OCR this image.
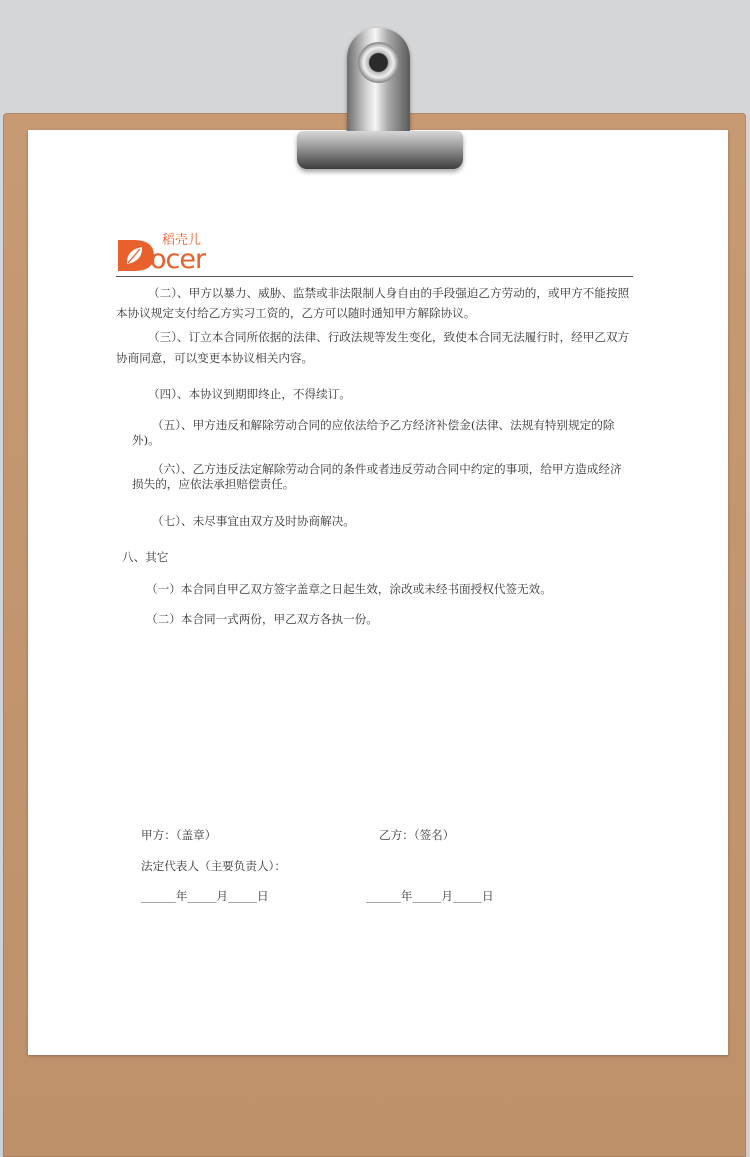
稻壳儿
ocer
（二）、甲方以暴力、威胁、监禁或非法限制人身自由的手段强迫乙方劳动的，或甲方不能按照
本协议规定支付给乙方实习工资的，乙方可以随时通知甲方解除协议。
（三）、订立本合同所依据的法律、行政法规等发生变化，致使本合同无法履行时，经甲乙双方
协商同意，可以变更本协议相关内容。
（四）、本协议到期即终止，不得续订。
（五）、甲方违反和解除劳动合同的应依法给予乙方经济补偿金(法律、法规有特别规定的除
外)。
（六）、乙方违反法定解除劳动合同的条件或者违反劳动合同中约定的事项，给甲方造成经济
损失的，应依法承担赔偿责任。
（七）、未尽事宜由双方及时协商解决。
八、其它
（一）本合同自甲乙双方签字盖章之日起生效，涂改或未经书面授权代签无效。
（二）本合同一式两份，甲乙双方各执一份。
甲方：（盖章）	乙方：（签名）
法定代表人（主要负责人）：
______年_____月_____日	______年_____月_____日
